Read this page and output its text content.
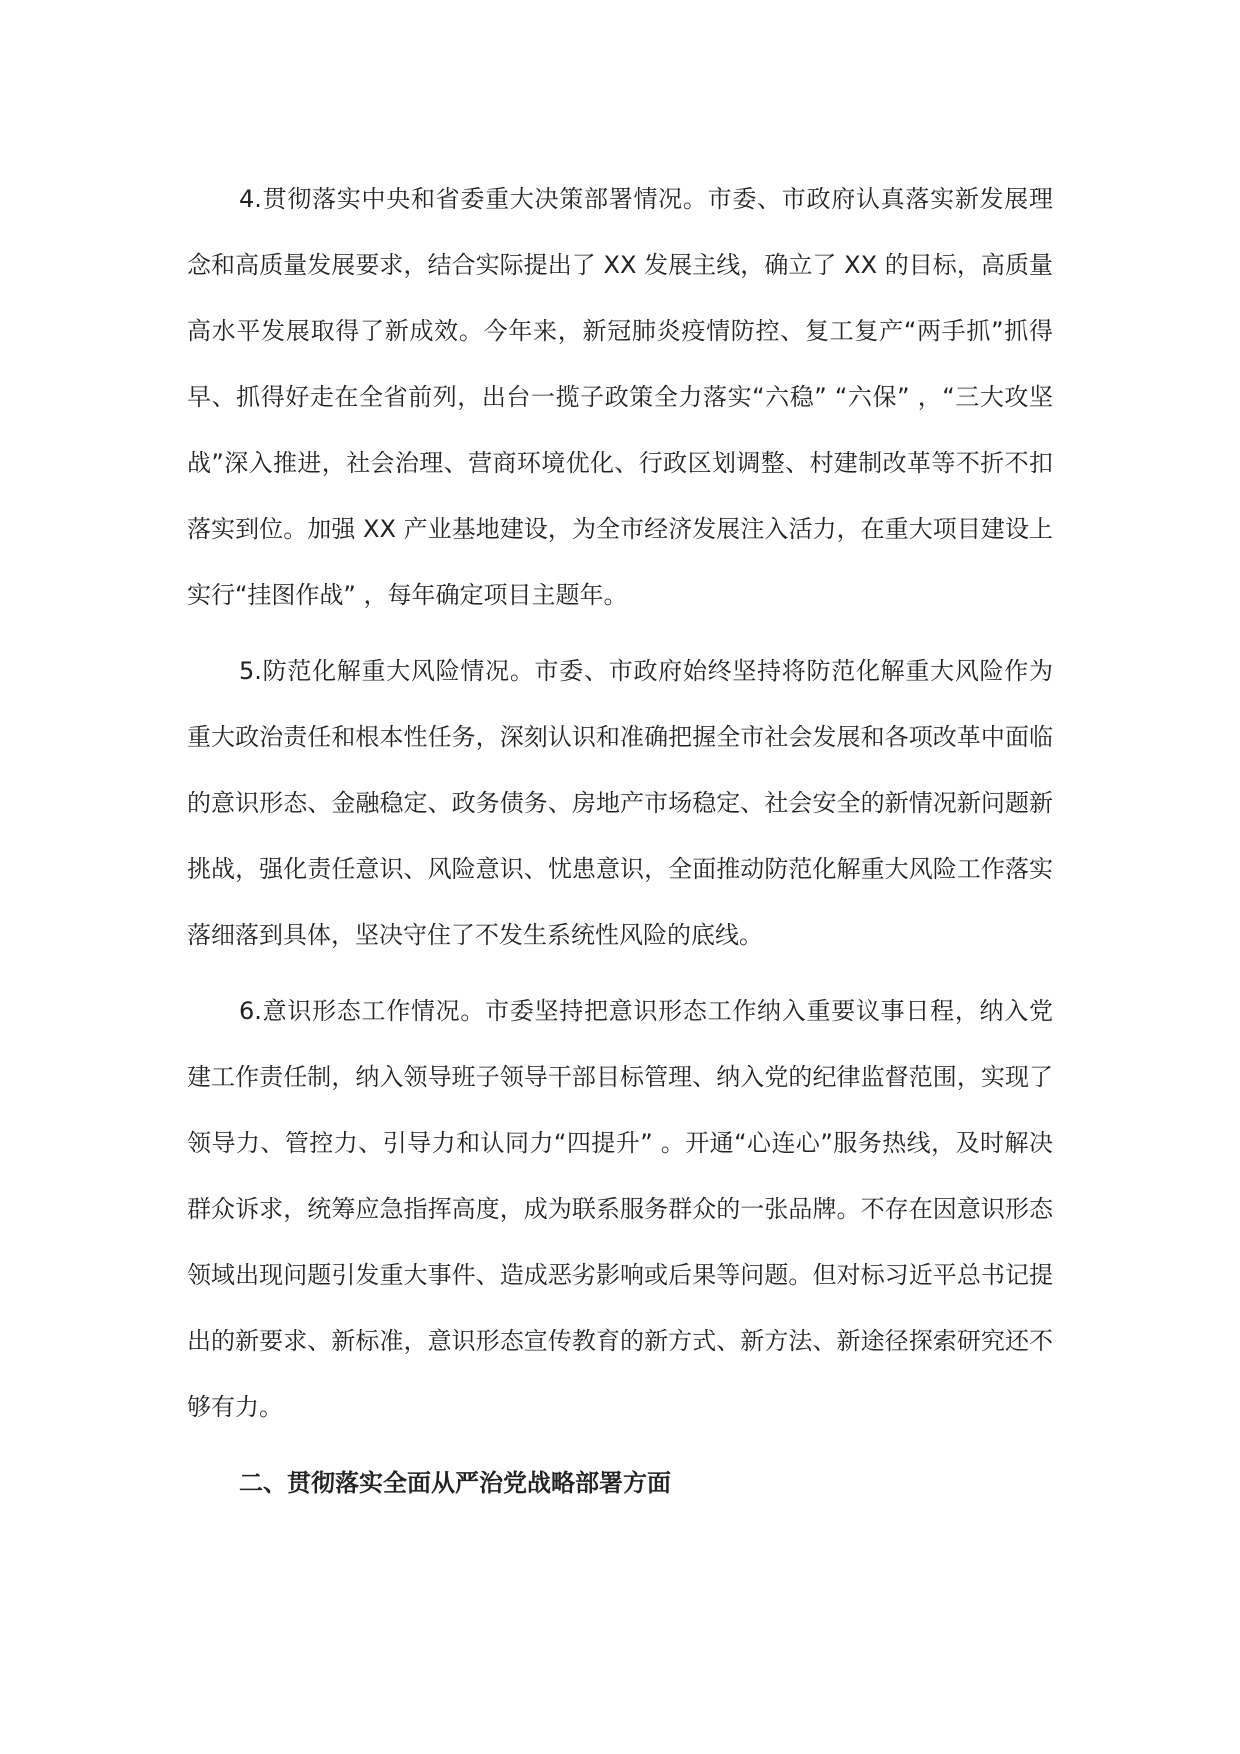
4.贯彻落实中央和省委重大决策部署情况。市委、市政府认真落实新发展理念和高质量发展要求，结合实际提出了 XX 发展主线，确立了 XX 的目标，高质量高水平发展取得了新成效。今年来，新冠肺炎疫情防控、复工复产“两手抓”抓得早、抓得好走在全省前列，出台一揽子政策全力落实“六稳” “六保” ，“三大攻坚战”深入推进，社会治理、营商环境优化、行政区划调整、村建制改革等不折不扣落实到位。加强 XX 产业基地建设，为全市经济发展注入活力，在重大项目建设上实行“挂图作战” ，每年确定项目主题年。

5.防范化解重大风险情况。市委、市政府始终坚持将防范化解重大风险作为重大政治责任和根本性任务，深刻认识和准确把握全市社会发展和各项改革中面临的意识形态、金融稳定、政务债务、房地产市场稳定、社会安全的新情况新问题新挑战，强化责任意识、风险意识、忧患意识，全面推动防范化解重大风险工作落实落细落到具体，坚决守住了不发生系统性风险的底线。

6.意识形态工作情况。市委坚持把意识形态工作纳入重要议事日程，纳入党建工作责任制，纳入领导班子领导干部目标管理、纳入党的纪律监督范围，实现了领导力、管控力、引导力和认同力“四提升” 。开通“心连心”服务热线，及时解决群众诉求，统筹应急指挥高度，成为联系服务群众的一张品牌。不存在因意识形态领域出现问题引发重大事件、造成恶劣影响或后果等问题。但对标习近平总书记提出的新要求、新标准，意识形态宣传教育的新方式、新方法、新途径探索研究还不够有力。

二、贯彻落实全面从严治党战略部署方面
